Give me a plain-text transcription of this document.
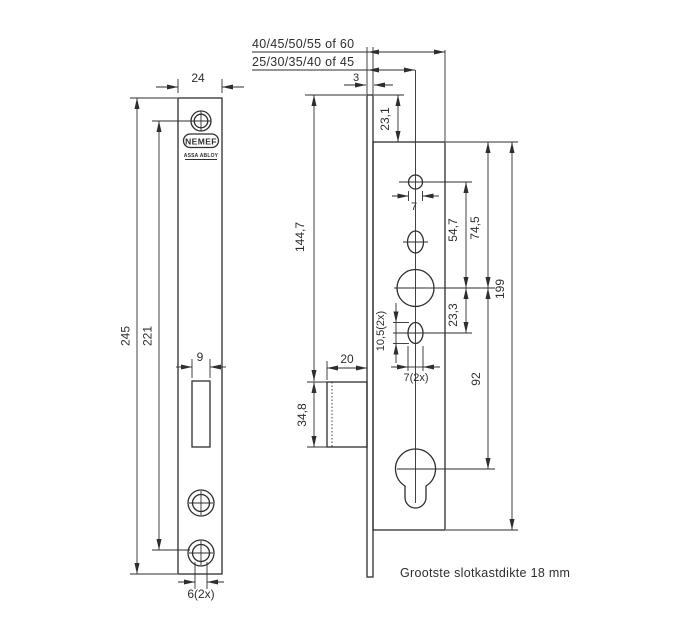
NEMEF
ASSA ABLOY
24
245 221
9
6(2x)
40/45/50/55 of 60
25/30/35/40 of 45
3
23,1
144,7
34,8
20
7
10,5(2x)
7(2x)
54,7
23,3
74,5
92
199
Grootste slotkastdikte 18 mm
